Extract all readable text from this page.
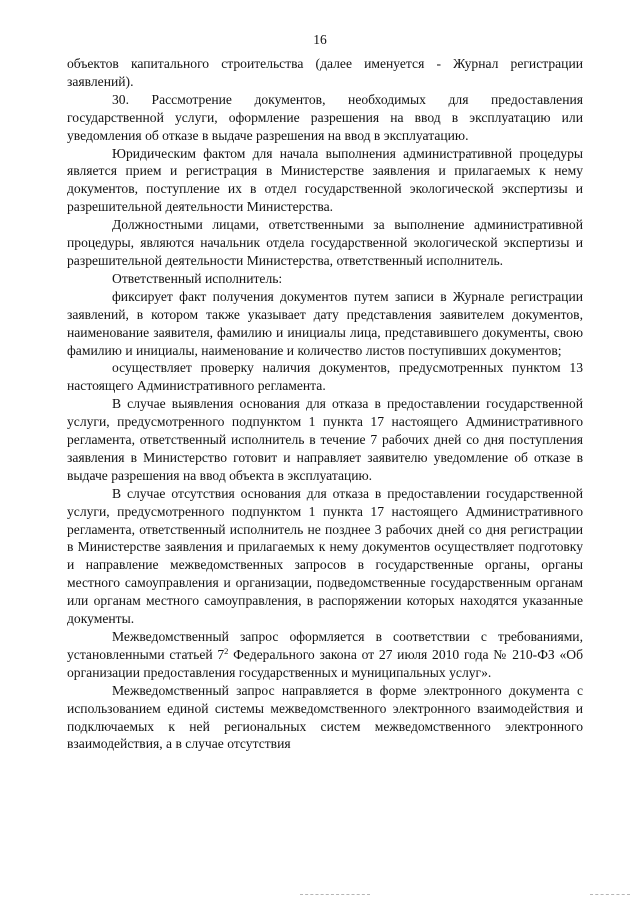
16

объектов капитального строительства (далее именуется - Журнал регистрации заявлений).

30. Рассмотрение документов, необходимых для предоставления государственной услуги, оформление разрешения на ввод в эксплуатацию или уведомления об отказе в выдаче разрешения на ввод в эксплуатацию.

Юридическим фактом для начала выполнения административной процедуры является прием и регистрация в Министерстве заявления и прилагаемых к нему документов, поступление их в отдел государственной экологической экспертизы и разрешительной деятельности Министерства.

Должностными лицами, ответственными за выполнение административной процедуры, являются начальник отдела государственной экологической экспертизы и разрешительной деятельности Министерства, ответственный исполнитель.

Ответственный исполнитель:

фиксирует факт получения документов путем записи в Журнале регистрации заявлений, в котором также указывает дату представления заявителем документов, наименование заявителя, фамилию и инициалы лица, представившего документы, свою фамилию и инициалы, наименование и количество листов поступивших документов;

осуществляет проверку наличия документов, предусмотренных пунктом 13 настоящего Административного регламента.

В случае выявления основания для отказа в предоставлении государственной услуги, предусмотренного подпунктом 1 пункта 17 настоящего Административного регламента, ответственный исполнитель в течение 7 рабочих дней со дня поступления заявления в Министерство готовит и направляет заявителю уведомление об отказе в выдаче разрешения на ввод объекта в эксплуатацию.

В случае отсутствия основания для отказа в предоставлении государственной услуги, предусмотренного подпунктом 1 пункта 17 настоящего Административного регламента, ответственный исполнитель не позднее 3 рабочих дней со дня регистрации в Министерстве заявления и прилагаемых к нему документов осуществляет подготовку и направление межведомственных запросов в государственные органы, органы местного самоуправления и организации, подведомственные государственным органам или органам местного самоуправления, в распоряжении которых находятся указанные документы.

Межведомственный запрос оформляется в соответствии с требованиями, установленными статьей $7^2$ Федерального закона от 27 июля 2010 года № 210-ФЗ «Об организации предоставления государственных и муниципальных услуг».

Межведомственный запрос направляется в форме электронного документа с использованием единой системы межведомственного электронного взаимодействия и подключаемых к ней региональных систем межведомственного электронного взаимодействия, а в случае отсутствия
